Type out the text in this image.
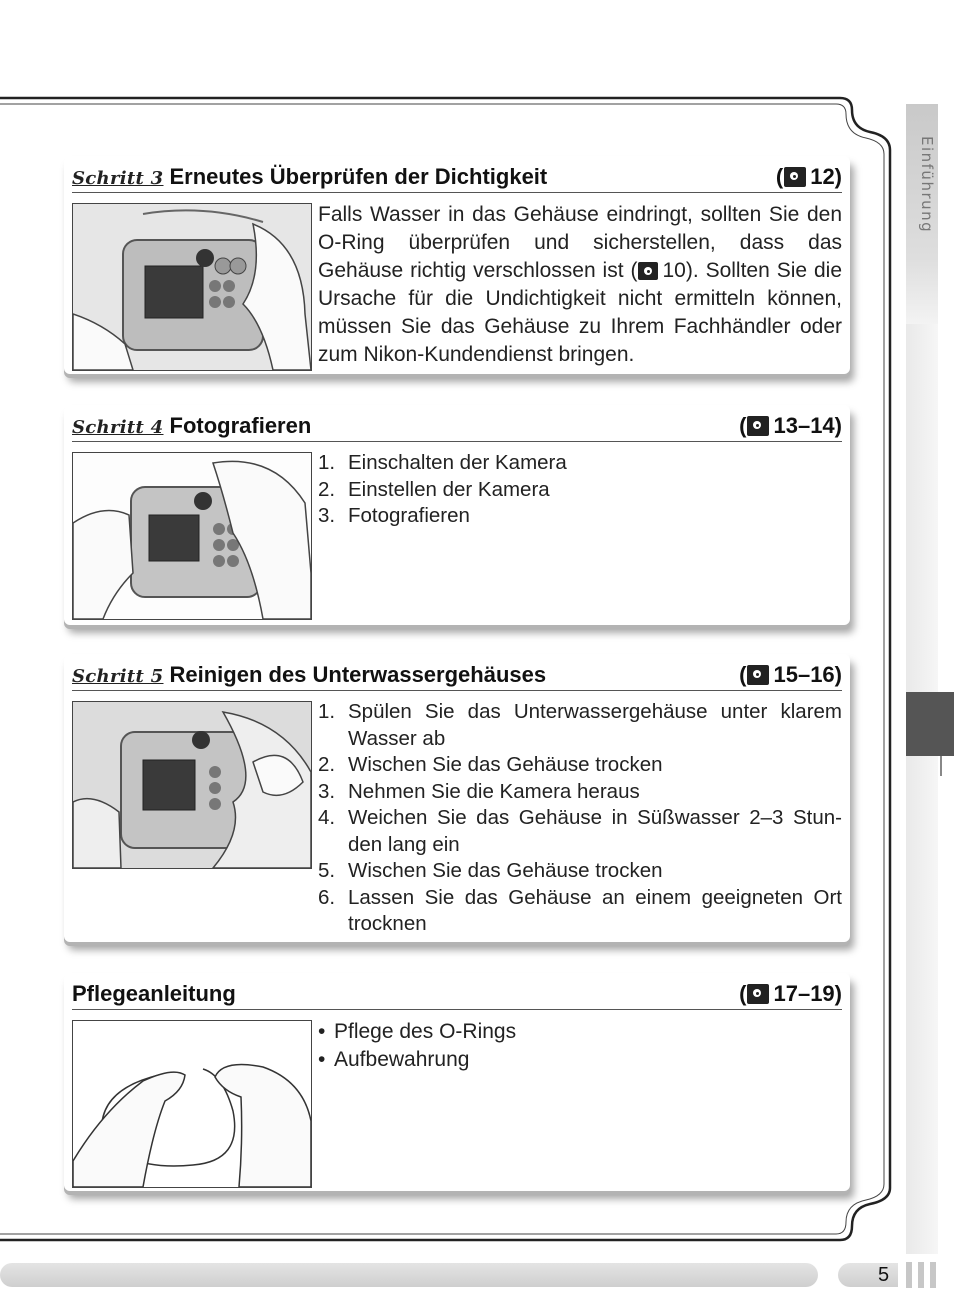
Einführung
Schritt 3 Erneutes Überprüfen der Dichtigkeit	( 12)
Falls Wasser in das Gehäuse eindringt, sollten Sie den O-Ring überprüfen und sicherstellen, dass das Gehäuse richtig verschlossen ist ( 10). Sollten Sie die Ursache für die Undichtigkeit nicht ermitteln können, müssen Sie das Gehäuse zu Ihrem Fachhändler oder zum Nikon-Kundendienst bringen.
Schritt 4 Fotografieren	( 13–14)
1. Einschalten der Kamera
2. Einstellen der Kamera
3. Fotografieren
Schritt 5 Reinigen des Unterwassergehäuses	( 15–16)
1. Spülen Sie das Unterwassergehäuse unter klarem Wasser ab
2. Wischen Sie das Gehäuse trocken
3. Nehmen Sie die Kamera heraus
4. Weichen Sie das Gehäuse in Süßwasser 2–3 Stunden lang ein
5. Wischen Sie das Gehäuse trocken
6. Lassen Sie das Gehäuse an einem geeigneten Ort trocknen
Pflegeanleitung	( 17–19)
• Pflege des O-Rings
• Aufbewahrung
5
